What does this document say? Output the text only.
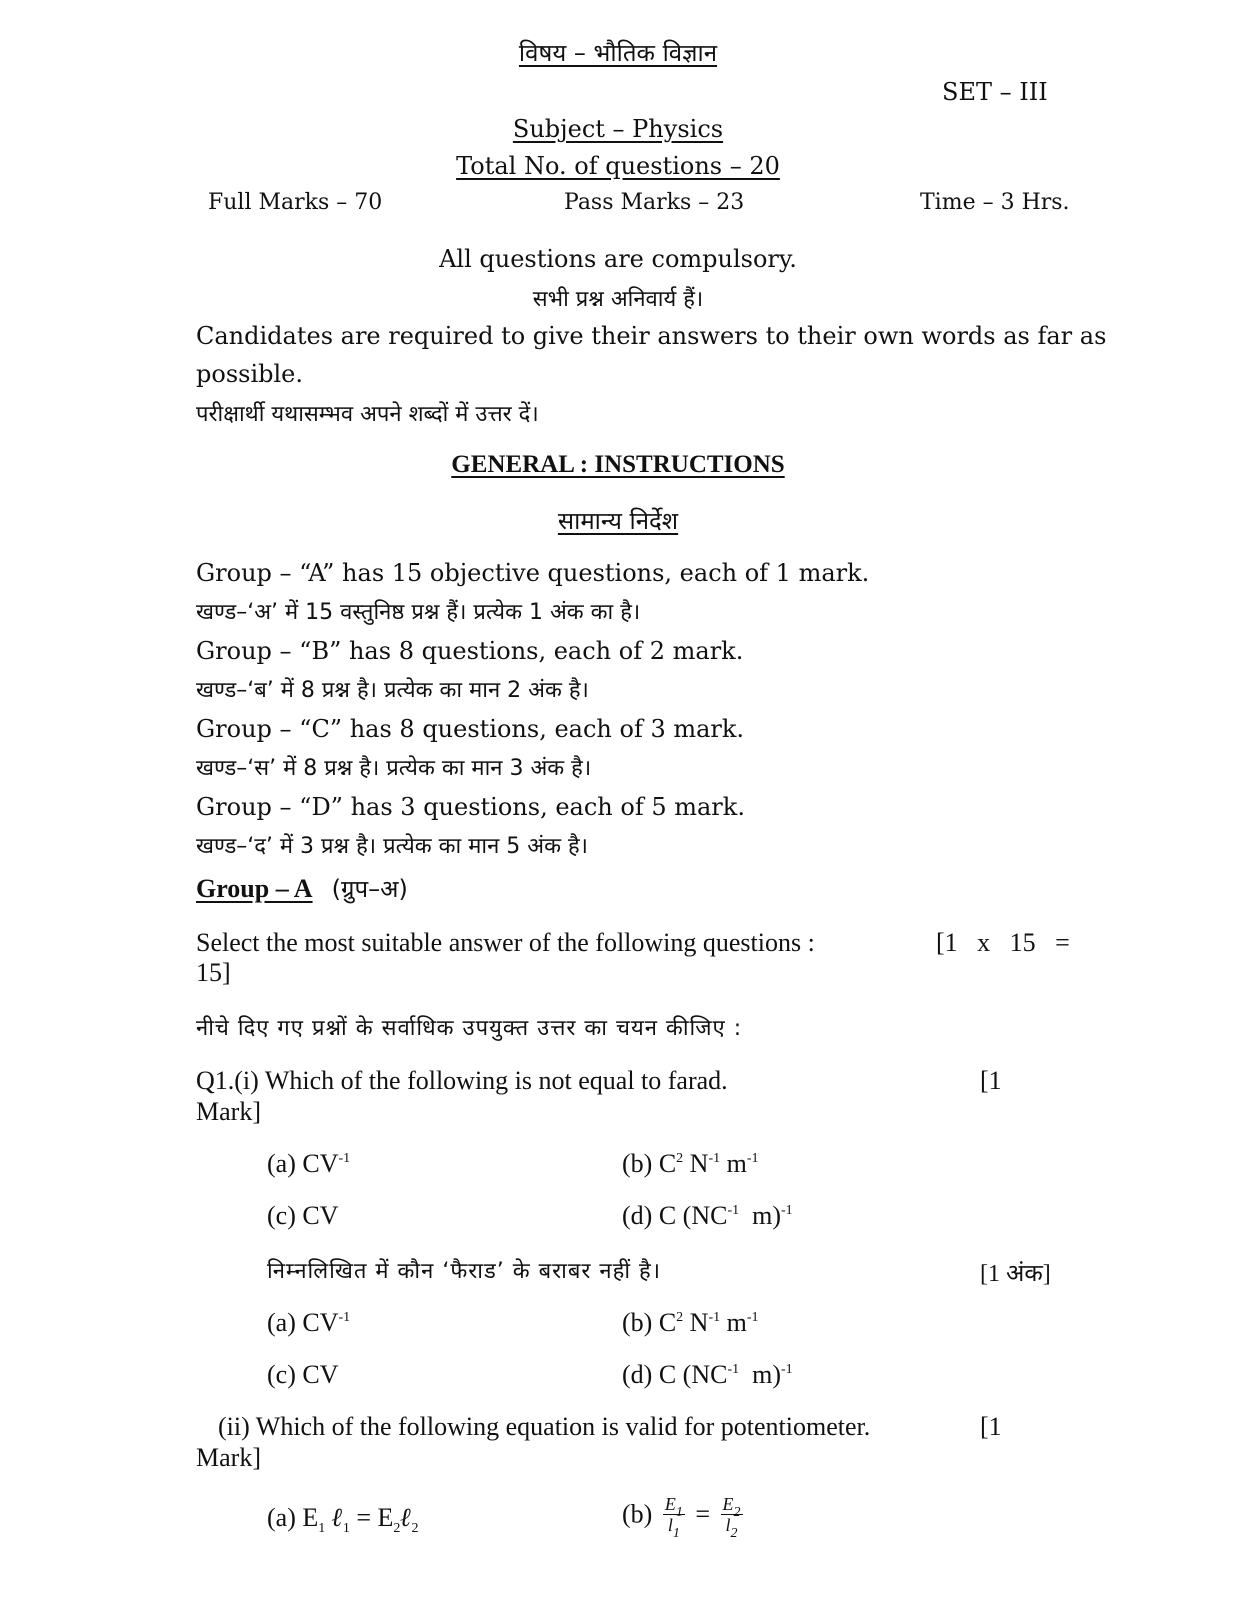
विषय – भौतिक विज्ञान
SET – III
Subject – Physics
Total No. of questions – 20
Full Marks – 70	Pass Marks – 23	Time – 3 Hrs.
All questions are compulsory.
सभी प्रश्न अनिवार्य हैं।
Candidates are required to give their answers to their own words as far as
possible.
परीक्षार्थी यथासम्भव अपने शब्दों में उत्तर दें।
GENERAL : INSTRUCTIONS
सामान्य निर्देश
Group – “A” has 15 objective questions, each of 1 mark.
खण्ड–‘अ’ में 15 वस्तुनिष्ठ प्रश्न हैं। प्रत्येक 1 अंक का है।
Group – “B” has 8 questions, each of 2 mark.
खण्ड–‘ब’ में 8 प्रश्न है। प्रत्येक का मान 2 अंक है।
Group – “C” has 8 questions, each of 3 mark.
खण्ड–‘स’ में 8 प्रश्न है। प्रत्येक का मान 3 अंक है।
Group – “D” has 3 questions, each of 5 mark.
खण्ड–‘द’ में 3 प्रश्न है। प्रत्येक का मान 5 अंक है।
Group – A (ग्रुप–अ)
Select the most suitable answer of the following questions :	[1   x   15   =
15]
नीचे दिए गए प्रश्नों के सर्वाधिक उपयुक्त उत्तर का चयन कीजिए :
Q1.(i) Which of the following is not equal to farad.	[1
Mark]
(a) $CV^{-1}$	(b) $C^2$ $N^{-1}$ $m^{-1}$
(c) CV	(d) C ($NC^{-1}$  m)$^{-1}$
निम्नलिखित में कौन ‘फैराड’ के बराबर नहीं है।	[1 अंक]
(a) $CV^{-1}$	(b) $C^2$ $N^{-1}$ $m^{-1}$
(c) CV	(d) C ($NC^{-1}$  m)$^{-1}$
(ii) Which of the following equation is valid for potentiometer.	[1
Mark]
(a) $E_1$ ℓ$_1$ = $E_2\ell_2$	$(b) \frac{E_1}{l_1} = \frac{E_2}{l_2}$
